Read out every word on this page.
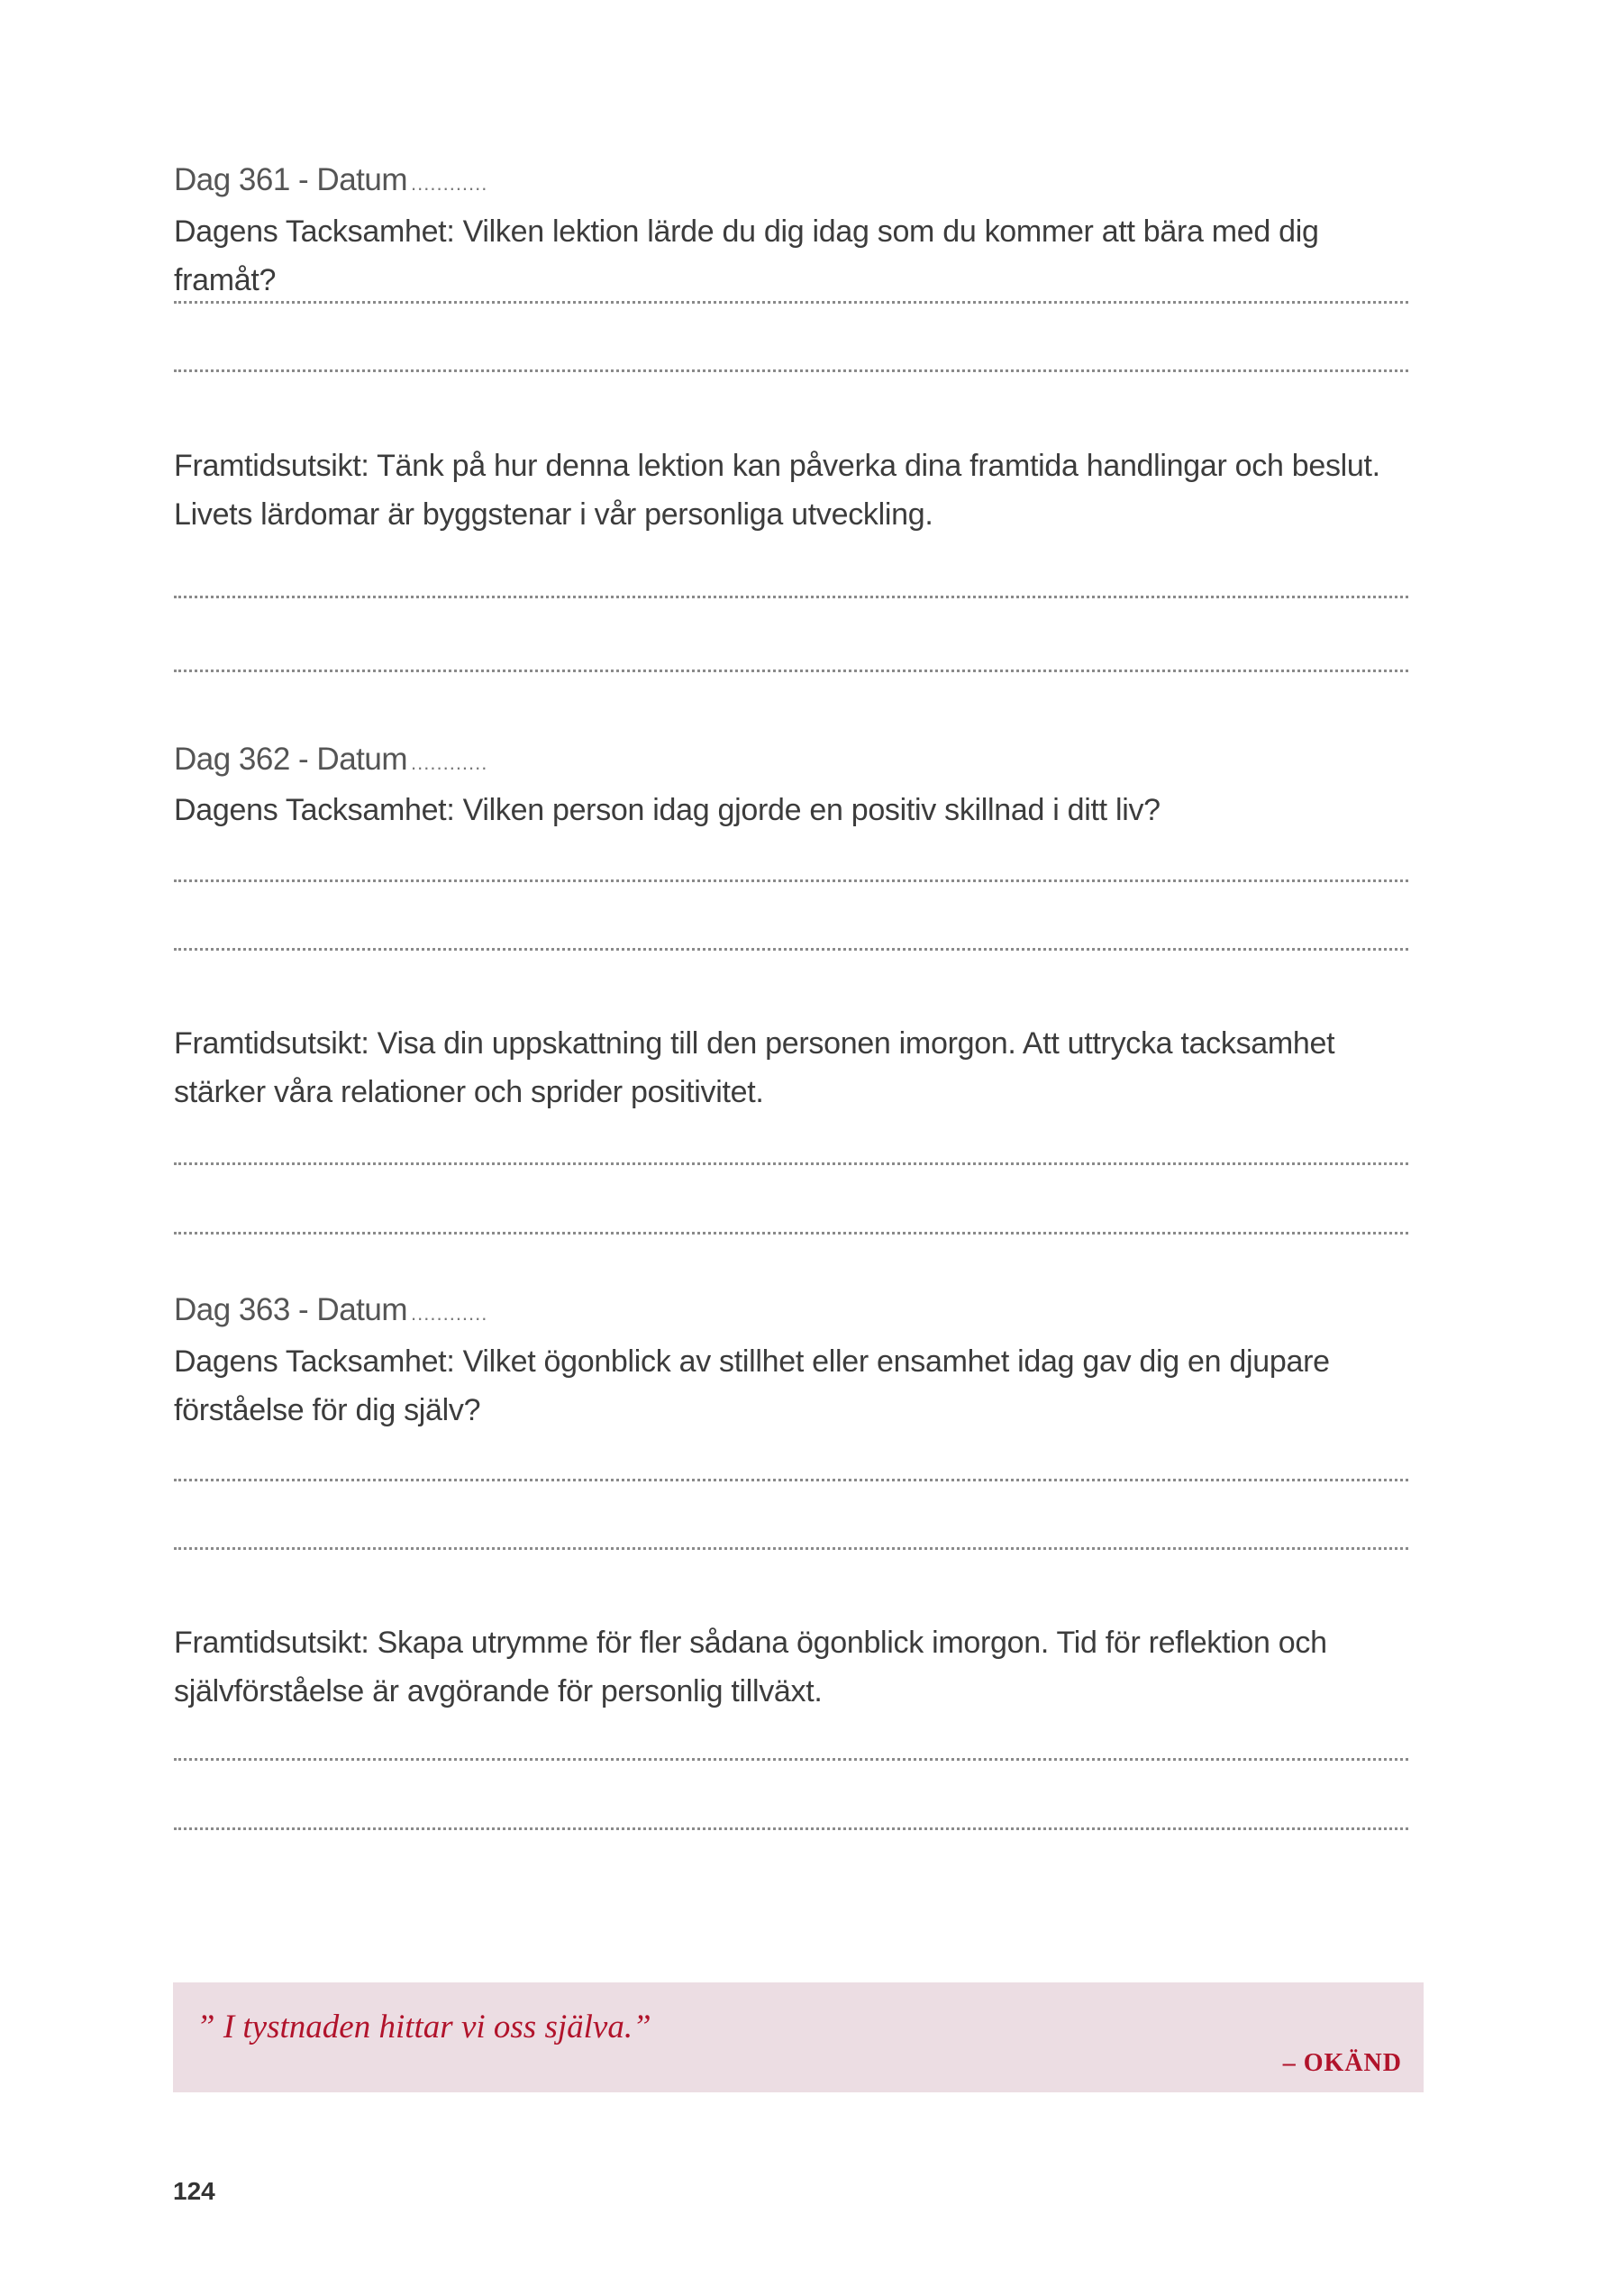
Dag 361 - Datum ............
Dagens Tacksamhet: Vilken lektion lärde du dig idag som du kommer att bära med dig framåt?
Framtidsutsikt: Tänk på hur denna lektion kan påverka dina framtida handlingar och beslut.
Livets lärdomar är byggstenar i vår personliga utveckling.
Dag 362 - Datum ............
Dagens Tacksamhet: Vilken person idag gjorde en positiv skillnad i ditt liv?
Framtidsutsikt: Visa din uppskattning till den personen imorgon. Att uttrycka tacksamhet
stärker våra relationer och sprider positivitet.
Dag 363 - Datum ............
Dagens Tacksamhet: Vilket ögonblick av stillhet eller ensamhet idag gav dig en djupare
förståelse för dig själv?
Framtidsutsikt: Skapa utrymme för fler sådana ögonblick imorgon. Tid för reflektion och
självförståelse är avgörande för personlig tillväxt.
” I tystnaden hittar vi oss själva.”
– OKÄND
124
